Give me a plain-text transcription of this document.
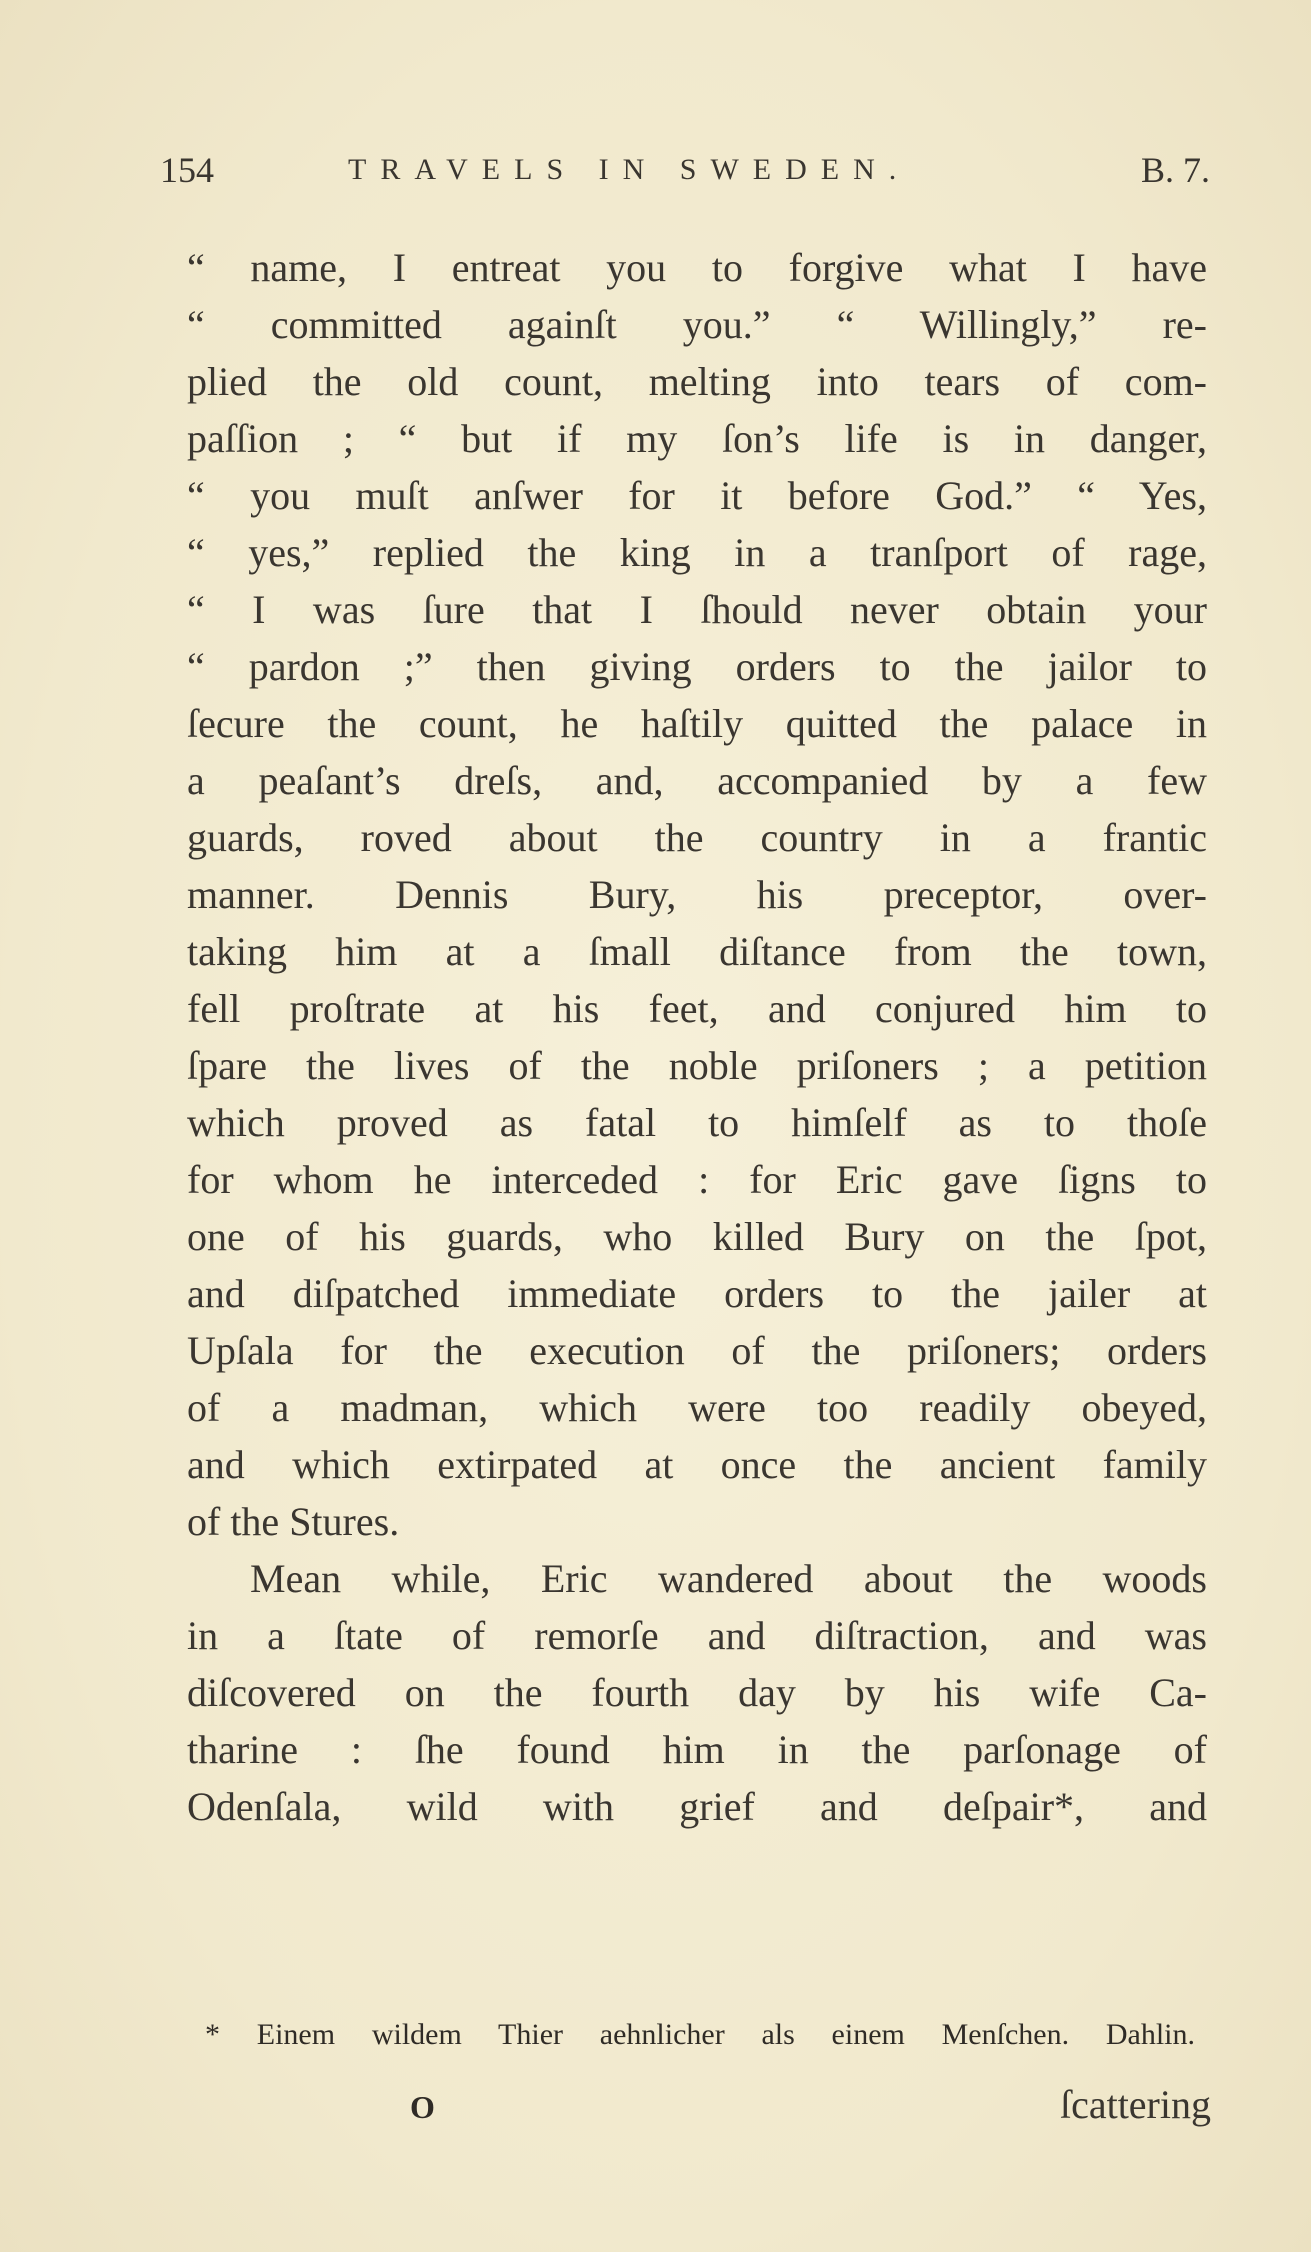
154	TRAVELS IN SWEDEN.	B. 7.
“ name, I entreat you to forgive what I have
“ committed againſt you.” “ Willingly,” re-
plied the old count, melting into tears of com-
paſſion ; “ but if my ſon’s life is in danger,
“ you muſt anſwer for it before God.” “ Yes,
“ yes,” replied the king in a tranſport of rage,
“ I was ſure that I ſhould never obtain your
“ pardon ;” then giving orders to the jailor to
ſecure the count, he haſtily quitted the palace in
a peaſant’s dreſs, and, accompanied by a few
guards, roved about the country in a frantic
manner. Dennis Bury, his preceptor, over-
taking him at a ſmall diſtance from the town,
fell proſtrate at his feet, and conjured him to
ſpare the lives of the noble priſoners ; a petition
which proved as fatal to himſelf as to thoſe
for whom he interceded : for Eric gave ſigns to
one of his guards, who killed Bury on the ſpot,
and diſpatched immediate orders to the jailer at
Upſala for the execution of the priſoners; orders
of a madman, which were too readily obeyed,
and which extirpated at once the ancient family
of the Stures.
Mean while, Eric wandered about the woods
in a ſtate of remorſe and diſtraction, and was
diſcovered on the fourth day by his wife Ca-
tharine : ſhe found him in the parſonage of
Odenſala, wild with grief and deſpair*, and
* Einem wildem Thier aehnlicher als einem Menſchen. Dahlin.
O	ſcattering
